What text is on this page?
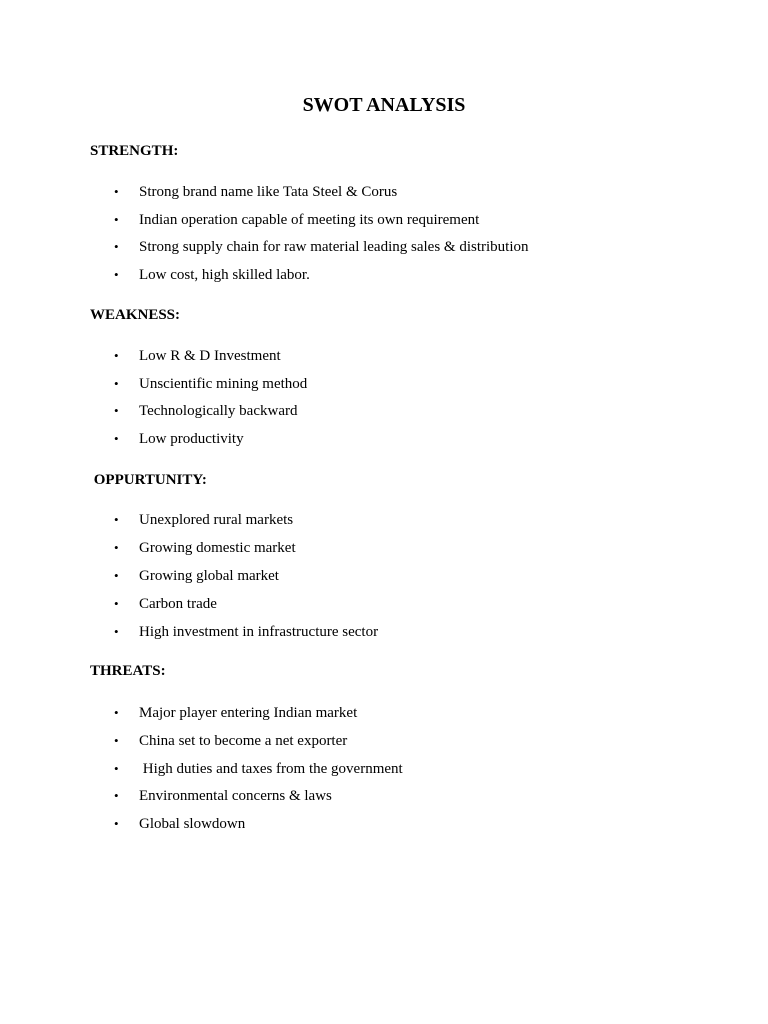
SWOT ANALYSIS
STRENGTH:
• Strong brand name like Tata Steel & Corus
• Indian operation capable of meeting its own requirement
• Strong supply chain for raw material leading sales & distribution
• Low cost, high skilled labor.
WEAKNESS:
• Low R & D Investment
• Unscientific mining method
• Technologically backward
• Low productivity
OPPURTUNITY:
• Unexplored rural markets
• Growing domestic market
• Growing global market
• Carbon trade
• High investment in infrastructure sector
THREATS:
• Major player entering Indian market
• China set to become a net exporter
• High duties and taxes from the government
• Environmental concerns & laws
• Global slowdown
